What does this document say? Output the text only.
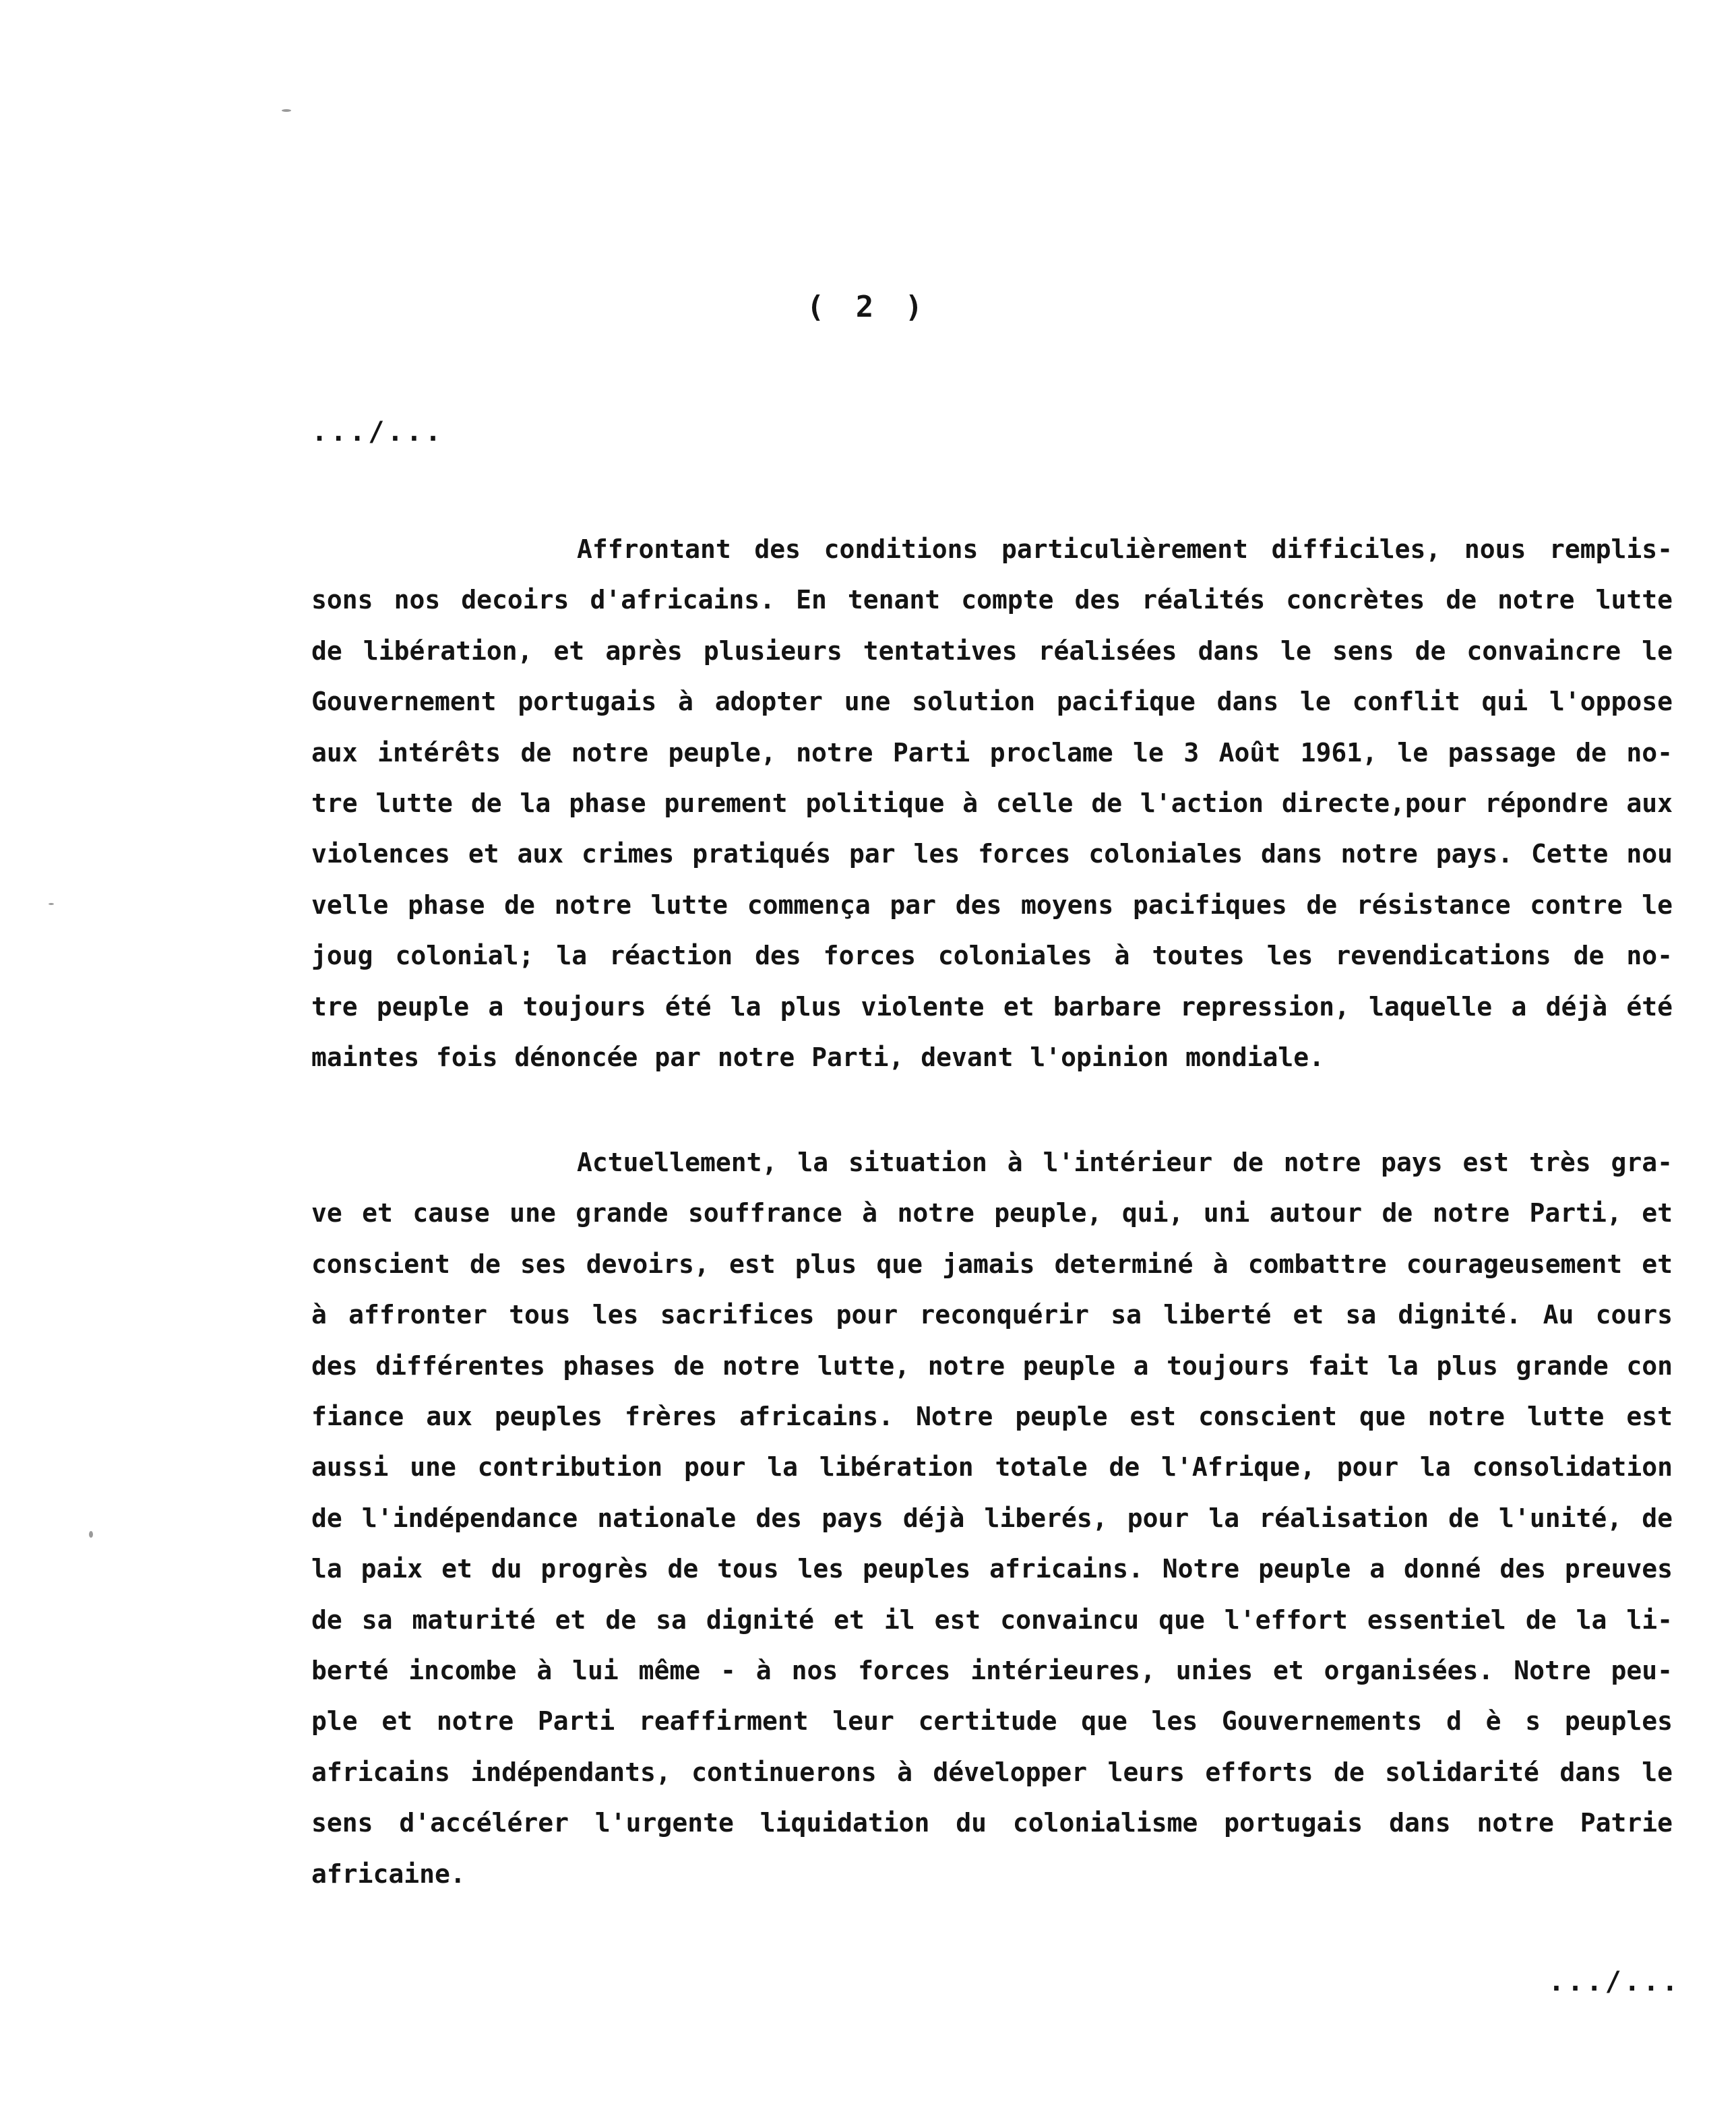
( 2 )
.../...

Affrontant des conditions particulièrement difficiles, nous remplis-
sons nos decoirs d'africains. En tenant compte des réalités concrètes de notre lutte
de libération, et après plusieurs tentatives réalisées dans le sens de convaincre le
Gouvernement portugais à adopter une solution pacifique dans le conflit qui l'oppose
aux intérêts de notre peuple, notre Parti proclame le 3 Août 1961, le passage de no-
tre lutte de la phase purement politique à celle de l'action directe,pour répondre aux
violences et aux crimes pratiqués par les forces coloniales dans notre pays. Cette nou
velle phase de notre lutte commença par des moyens pacifiques de résistance contre le
joug colonial; la réaction des forces coloniales à toutes les revendications de no-
tre peuple a toujours été la plus violente et barbare repression, laquelle a déjà été
maintes fois dénoncée par notre Parti, devant l'opinion mondiale.

Actuellement, la situation à l'intérieur de notre pays est très gra-
ve et cause une grande souffrance à notre peuple, qui, uni autour de notre Parti, et
conscient de ses devoirs, est plus que jamais determiné à combattre courageusement et
à affronter tous les sacrifices pour reconquérir sa liberté et sa dignité. Au cours
des différentes phases de notre lutte, notre peuple a toujours fait la plus grande con
fiance aux peuples frères africains. Notre peuple est conscient que notre lutte est
aussi une contribution pour la libération totale de l'Afrique, pour la consolidation
de l'indépendance nationale des pays déjà liberés, pour la réalisation de l'unité, de
la paix et du progrès de tous les peuples africains. Notre peuple a donné des preuves
de sa maturité et de sa dignité et il est convaincu que l'effort essentiel de la li-
berté incombe à lui même - à nos forces intérieures, unies et organisées. Notre peu-
ple et notre Parti reaffirment leur certitude que les Gouvernements d è s peuples
africains indépendants, continuerons à développer leurs efforts de solidarité dans le
sens d'accélérer l'urgente liquidation du colonialisme portugais dans notre Patrie
africaine.

.../...
